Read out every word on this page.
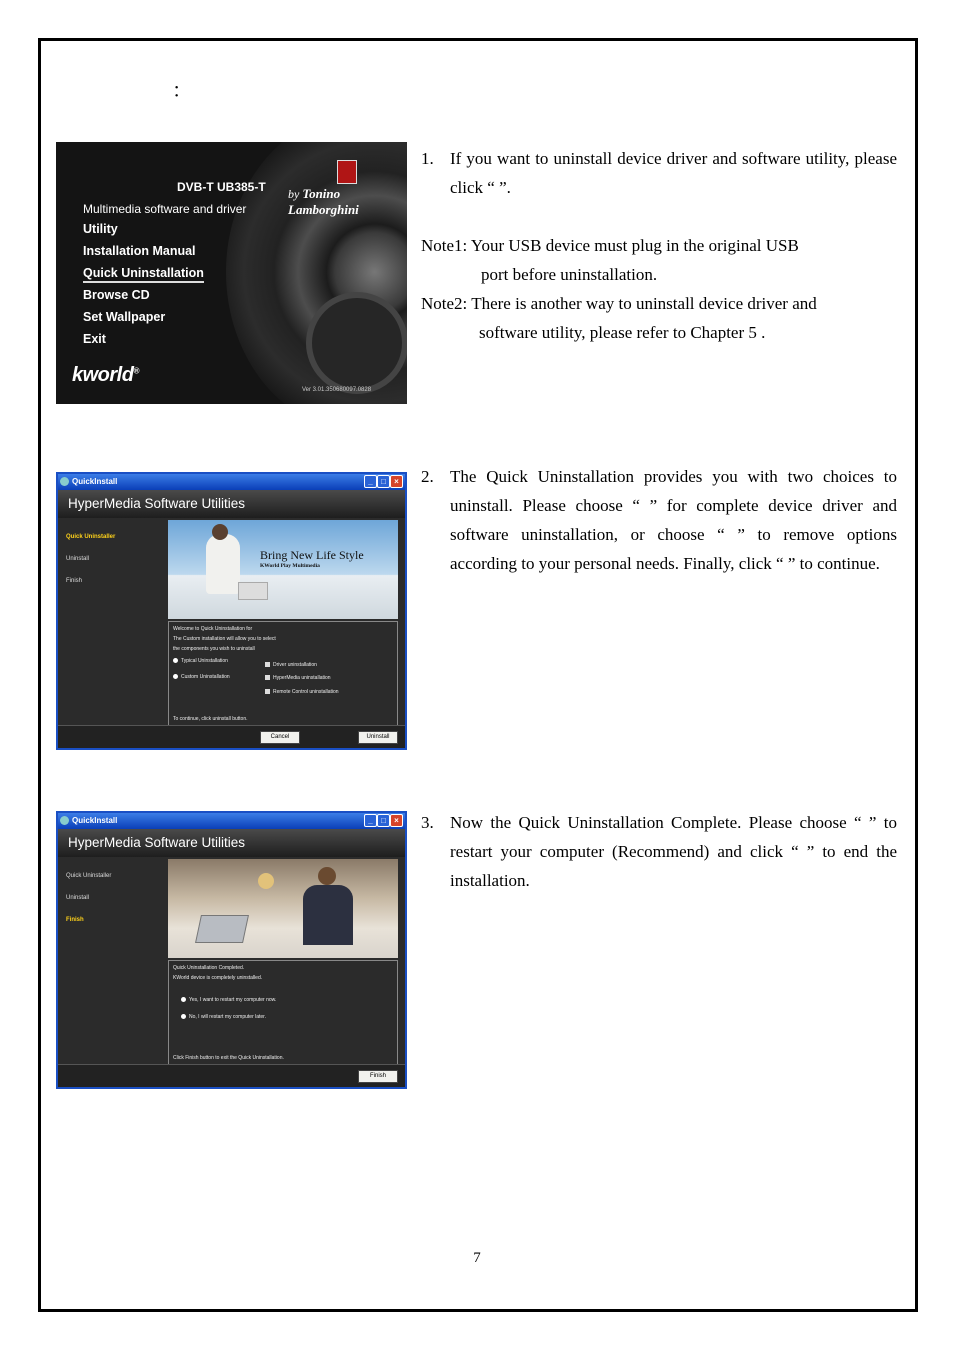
：
DVB-T UB385-T by Tonino Lamborghini
Multimedia software and driver
Utility
Installation Manual
Quick Uninstallation
Browse CD
Set Wallpaper
Exit
kworld®
Ver 3.01.350680097.0828
QuickInstall	_	□	×
HyperMedia Software Utilities
Quick Uninstaller
Uninstall
Finish
Bring New Life Style
KWorld Play Multimedia
Welcome to Quick Uninstallation for
The Custom installation will allow you to select
the components you wish to uninstall
Typical Uninstallation
Custom Uninstallation
Driver uninstallation
HyperMedia uninstallation
Remote Control uninstallation
To continue, click uninstall button.
Cancel	Uninstall
QuickInstall	_	□	×
HyperMedia Software Utilities
Quick Uninstaller
Uninstall
Finish
Quick Uninstallation Completed.
KWorld device is completely uninstalled.
Yes, I want to restart my computer now.
No, I will restart my computer later.
Click Finish button to exit the Quick Uninstallation.
Finish
1. If you want to uninstall device driver and software utility, please click “ ”.
Note1: Your USB device must plug in the original USB
port before uninstallation.
Note2: There is another way to uninstall device driver and
software utility, please refer to Chapter 5 .
2. The Quick Uninstallation provides you with two choices to uninstall. Please choose “ ” for complete device driver and software uninstallation, or choose “ ” to remove options according to your personal needs. Finally, click “ ” to continue.
3. Now the Quick Uninstallation Complete. Please choose “ ” to restart your computer (Recommend) and click “ ” to end the installation.
7
